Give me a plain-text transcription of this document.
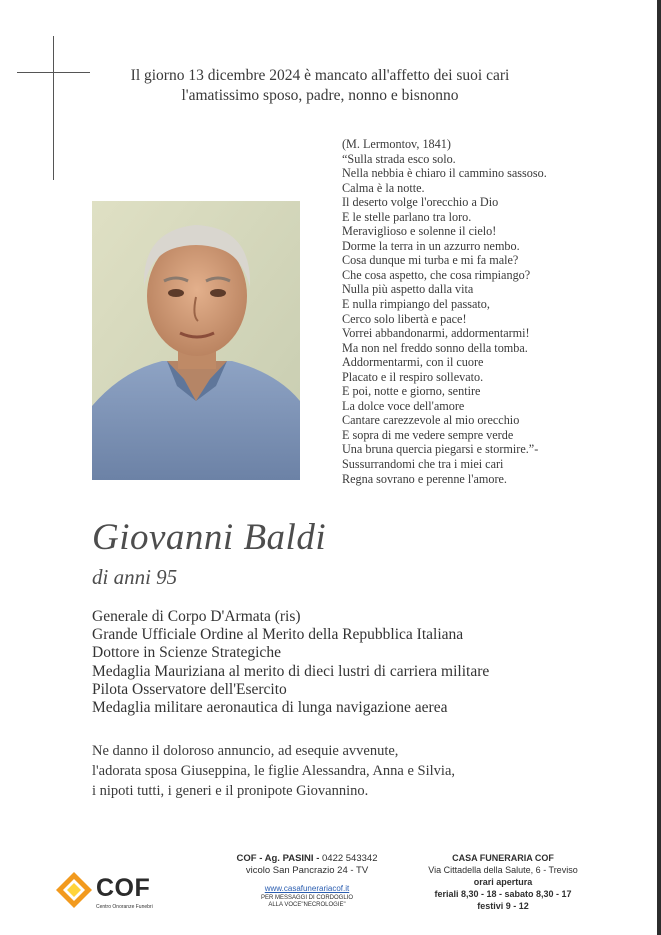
Il giorno 13 dicembre 2024 è mancato all'affetto dei suoi cari
l'amatissimo sposo, padre, nonno e bisnonno
(M. Lermontov, 1841)
“Sulla strada esco solo.
Nella nebbia è chiaro il cammino sassoso.
Calma è la notte.
Il deserto volge l'orecchio a Dio
E le stelle parlano tra loro.
Meraviglioso e solenne il cielo!
Dorme la terra in un azzurro nembo.
Cosa dunque mi turba e mi fa male?
Che cosa aspetto, che cosa rimpiango?
Nulla più aspetto dalla vita
E nulla rimpiango del passato,
Cerco solo libertà e pace!
Vorrei abbandonarmi, addormentarmi!
Ma non nel freddo sonno della tomba.
Addormentarmi, con il cuore
Placato e il respiro sollevato.
E poi, notte e giorno, sentire
La dolce voce dell'amore
Cantare carezzevole al mio orecchio
E sopra di me vedere sempre verde
Una bruna quercia piegarsi e stormire.”-
Sussurrandomi che tra i miei cari
Regna sovrano e perenne l'amore.
Giovanni Baldi
di anni 95
Generale di Corpo D'Armata (ris)
Grande Ufficiale Ordine al Merito della Repubblica Italiana
Dottore in Scienze Strategiche
Medaglia Mauriziana al merito di dieci lustri di carriera militare
Pilota Osservatore dell'Esercito
Medaglia militare aeronautica di lunga navigazione aerea
Ne danno il doloroso annuncio, ad esequie avvenute,
l'adorata sposa Giuseppina, le figlie Alessandra, Anna e Silvia,
i nipoti tutti, i generi e il pronipote Giovannino.
COF
Centro Onoranze Funebri
COF - Ag. PASINI - 0422 543342
vicolo San Pancrazio 24 - TV
www.casafunerariacof.it
PER MESSAGGI DI CORDOGLIO
ALLA VOCE"NECROLOGIE"
CASA FUNERARIA COF
Via Cittadella della Salute, 6 - Treviso
orari apertura
feriali 8,30 - 18 - sabato 8,30 - 17
festivi 9 - 12
